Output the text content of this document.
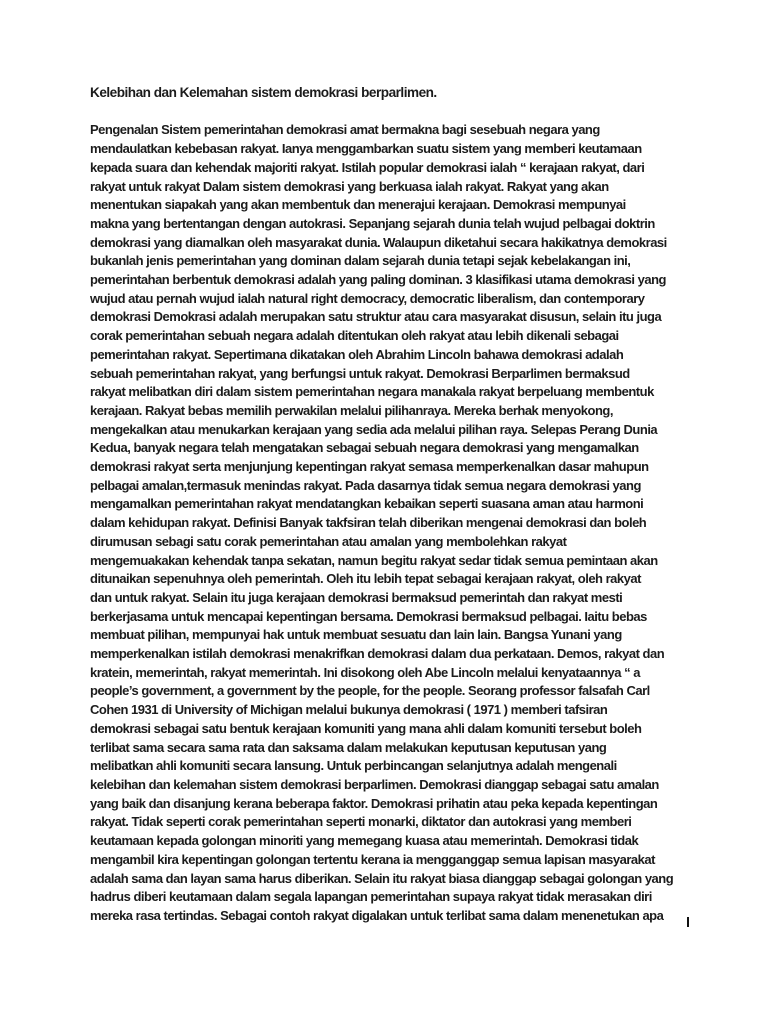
Kelebihan dan Kelemahan sistem demokrasi berparlimen.
Pengenalan Sistem pemerintahan demokrasi amat bermakna bagi sesebuah negara yang
mendaulatkan kebebasan rakyat. Ianya menggambarkan suatu sistem yang memberi keutamaan
kepada suara dan kehendak majoriti rakyat. Istilah popular demokrasi ialah “ kerajaan rakyat, dari
rakyat untuk rakyat Dalam sistem demokrasi yang berkuasa ialah rakyat. Rakyat yang akan
menentukan siapakah yang akan membentuk dan menerajui kerajaan. Demokrasi mempunyai
makna yang bertentangan dengan autokrasi. Sepanjang sejarah dunia telah wujud pelbagai doktrin
demokrasi yang diamalkan oleh masyarakat dunia. Walaupun diketahui secara hakikatnya demokrasi
bukanlah jenis pemerintahan yang dominan dalam sejarah dunia tetapi sejak kebelakangan ini,
pemerintahan berbentuk demokrasi adalah yang paling dominan. 3 klasifikasi utama demokrasi yang
wujud atau pernah wujud ialah natural right democracy, democratic liberalism, dan contemporary
demokrasi Demokrasi adalah merupakan satu struktur atau cara masyarakat disusun, selain itu juga
corak pemerintahan sebuah negara adalah ditentukan oleh rakyat atau lebih dikenali sebagai
pemerintahan rakyat. Sepertimana dikatakan oleh Abrahim Lincoln bahawa demokrasi adalah
sebuah pemerintahan rakyat, yang berfungsi untuk rakyat. Demokrasi Berparlimen bermaksud
rakyat melibatkan diri dalam sistem pemerintahan negara manakala rakyat berpeluang membentuk
kerajaan. Rakyat bebas memilih perwakilan melalui pilihanraya. Mereka berhak menyokong,
mengekalkan atau menukarkan kerajaan yang sedia ada melalui pilihan raya. Selepas Perang Dunia
Kedua, banyak negara telah mengatakan sebagai sebuah negara demokrasi yang mengamalkan
demokrasi rakyat serta menjunjung kepentingan rakyat semasa memperkenalkan dasar mahupun
pelbagai amalan,termasuk menindas rakyat. Pada dasarnya tidak semua negara demokrasi yang
mengamalkan pemerintahan rakyat mendatangkan kebaikan seperti suasana aman atau harmoni
dalam kehidupan rakyat. Definisi Banyak takfsiran telah diberikan mengenai demokrasi dan boleh
dirumusan sebagi satu corak pemerintahan atau amalan yang membolehkan rakyat
mengemuakakan kehendak tanpa sekatan, namun begitu rakyat sedar tidak semua pemintaan akan
ditunaikan sepenuhnya oleh pemerintah. Oleh itu lebih tepat sebagai kerajaan rakyat, oleh rakyat
dan untuk rakyat. Selain itu juga kerajaan demokrasi bermaksud pemerintah dan rakyat mesti
berkerjasama untuk mencapai kepentingan bersama. Demokrasi bermaksud pelbagai. Iaitu bebas
membuat pilihan, mempunyai hak untuk membuat sesuatu dan lain lain. Bangsa Yunani yang
memperkenalkan istilah demokrasi menakrifkan demokrasi dalam dua perkataan. Demos, rakyat dan
kratein, memerintah, rakyat memerintah. Ini disokong oleh Abe Lincoln melalui kenyataannya “ a
people’s government, a government by the people, for the people. Seorang professor falsafah Carl
Cohen 1931 di University of Michigan melalui bukunya demokrasi ( 1971 ) memberi tafsiran
demokrasi sebagai satu bentuk kerajaan komuniti yang mana ahli dalam komuniti tersebut boleh
terlibat sama secara sama rata dan saksama dalam melakukan keputusan keputusan yang
melibatkan ahli komuniti secara lansung. Untuk perbincangan selanjutnya adalah mengenali
kelebihan dan kelemahan sistem demokrasi berparlimen. Demokrasi dianggap sebagai satu amalan
yang baik dan disanjung kerana beberapa faktor. Demokrasi prihatin atau peka kepada kepentingan
rakyat. Tidak seperti corak pemerintahan seperti monarki, diktator dan autokrasi yang memberi
keutamaan kepada golongan minoriti yang memegang kuasa atau memerintah. Demokrasi tidak
mengambil kira kepentingan golongan tertentu kerana ia mengganggap semua lapisan masyarakat
adalah sama dan layan sama harus diberikan. Selain itu rakyat biasa dianggap sebagai golongan yang
hadrus diberi keutamaan dalam segala lapangan pemerintahan supaya rakyat tidak merasakan diri
mereka rasa tertindas. Sebagai contoh rakyat digalakan untuk terlibat sama dalam menenetukan apa
